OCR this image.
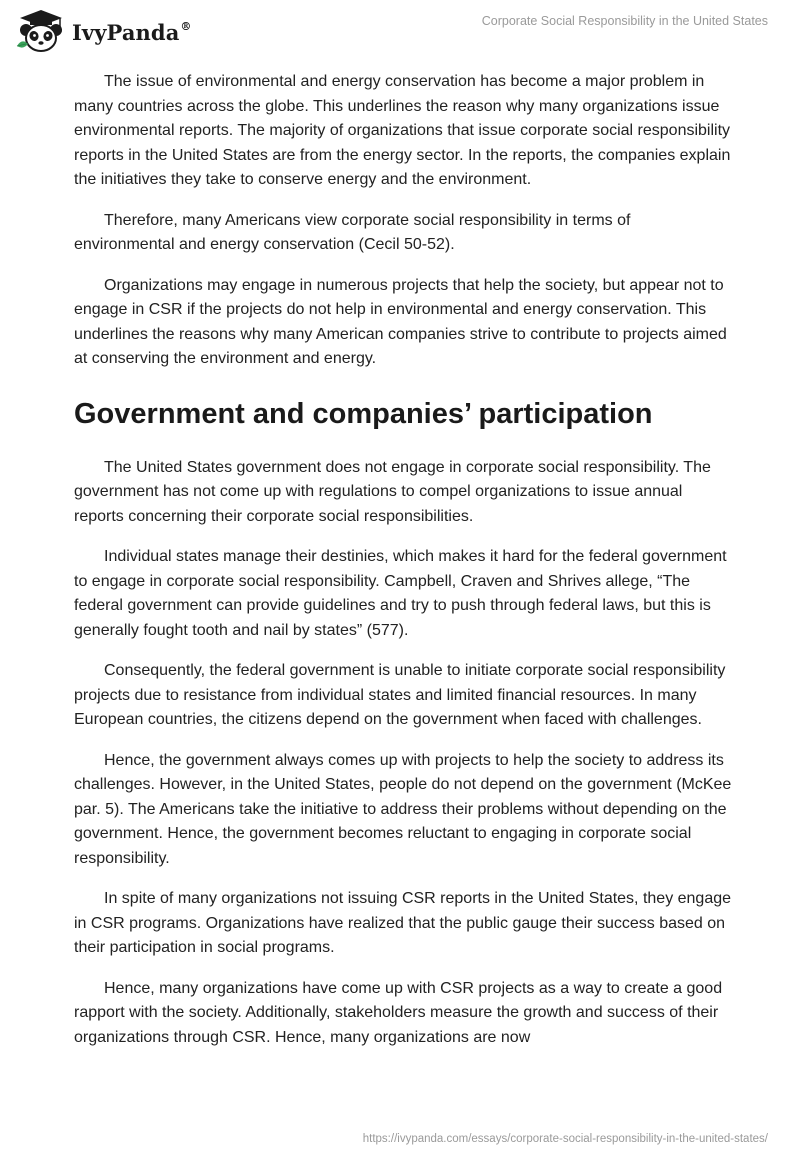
IvyPanda®	Corporate Social Responsibility in the United States

The issue of environmental and energy conservation has become a major problem in many countries across the globe. This underlines the reason why many organizations issue environmental reports. The majority of organizations that issue corporate social responsibility reports in the United States are from the energy sector. In the reports, the companies explain the initiatives they take to conserve energy and the environment.

Therefore, many Americans view corporate social responsibility in terms of environmental and energy conservation (Cecil 50-52).

Organizations may engage in numerous projects that help the society, but appear not to engage in CSR if the projects do not help in environmental and energy conservation. This underlines the reasons why many American companies strive to contribute to projects aimed at conserving the environment and energy.

Government and companies’ participation

The United States government does not engage in corporate social responsibility. The government has not come up with regulations to compel organizations to issue annual reports concerning their corporate social responsibilities.

Individual states manage their destinies, which makes it hard for the federal government to engage in corporate social responsibility. Campbell, Craven and Shrives allege, “The federal government can provide guidelines and try to push through federal laws, but this is generally fought tooth and nail by states” (577).

Consequently, the federal government is unable to initiate corporate social responsibility projects due to resistance from individual states and limited financial resources. In many European countries, the citizens depend on the government when faced with challenges.

Hence, the government always comes up with projects to help the society to address its challenges. However, in the United States, people do not depend on the government (McKee par. 5). The Americans take the initiative to address their problems without depending on the government. Hence, the government becomes reluctant to engaging in corporate social responsibility.

In spite of many organizations not issuing CSR reports in the United States, they engage in CSR programs. Organizations have realized that the public gauge their success based on their participation in social programs.

Hence, many organizations have come up with CSR projects as a way to create a good rapport with the society. Additionally, stakeholders measure the growth and success of their organizations through CSR. Hence, many organizations are now

https://ivypanda.com/essays/corporate-social-responsibility-in-the-united-states/
